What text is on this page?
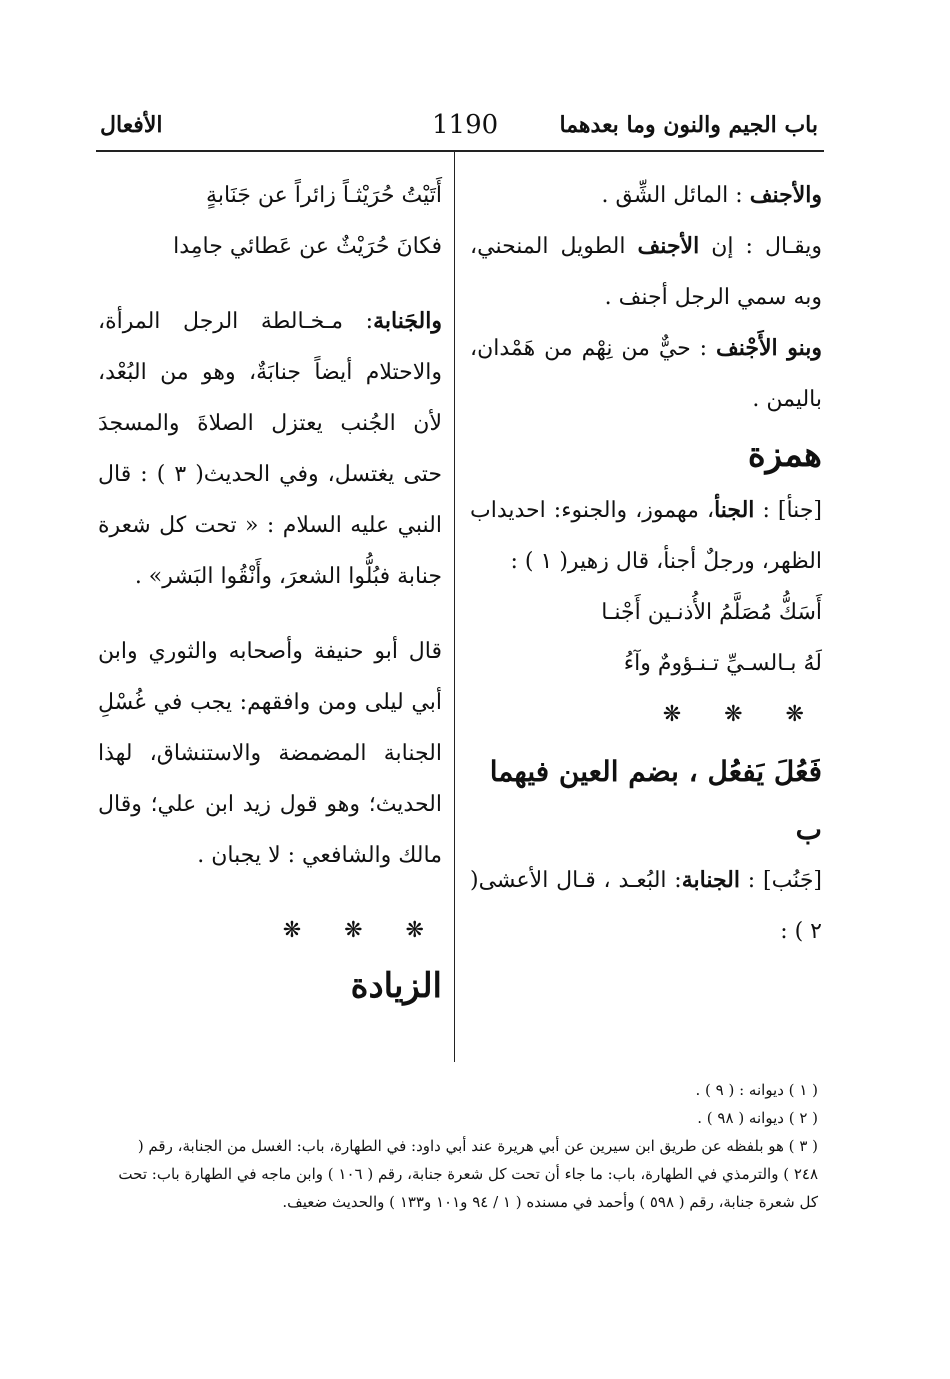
باب الجيم والنون وما بعدهما
1190
الأفعال

والأجنف : المائل الشِّق .

ويقـال : إن الأجنف الطويل المنحني، وبه سمي الرجل أجنف .

وبنو الأَجْنف : حيٌّ من نِهْم من هَمْدان، باليمن .

همزة

[جنأ] : الجنأ، مهموز، والجنوء: احديداب الظهر، ورجلٌ أجنأ، قال زهير( ١ ) :

أَسَكُّ مُصَلَّمُ الأُذنـين أَجْنـا

لَهُ بـالسـيِّ تـنـؤومٌ وآءُ

❋ ❋ ❋

فَعُلَ يَفعُل ، بضم العين فيهما

ب

[جَنُب] : الجنابة: البُعـد ، قـال الأعشى( ٢ ) :

أَتَيْتُ حُرَيْثـاً زائراً عن جَنَابةٍ

فكانَ حُرَيْثٌ عن عَطائي جامِدا

والجَنابة: مـخـالطة الرجل المرأة، والاحتلام أيضاً جنابَةٌ، وهو من البُعْد، لأن الجُنب يعتزل الصلاةَ والمسجدَ حتى يغتسل، وفي الحديث( ٣ ) : قال النبي عليه السلام : « تحت كل شعرة جنابة فبُلُّوا الشعرَ، وأَنْقُوا البَشر» .

قال أبو حنيفة وأصحابه والثوري وابن أبي ليلى ومن وافقهم: يجب في غُسْلِ الجنابة المضمضة والاستنشاق، لهذا الحديث؛ وهو قول زيد ابن علي؛ وقال مالك والشافعي : لا يجبان .

❋ ❋ ❋

الزيادة

( ١ ) ديوانه : ( ٩ ) .

( ٢ ) ديوانه ( ٩٨ ) .

( ٣ ) هو بلفظه عن طريق ابن سيرين عن أبي هريرة عند أبي داود: في الطهارة، باب: الغسل من الجنابة، رقم ( ٢٤٨ ) والترمذي في الطهارة، باب: ما جاء أن تحت كل شعرة جنابة، رقم ( ١٠٦ ) وابن ماجه في الطهارة باب: تحت كل شعرة جنابة، رقم ( ٥٩٨ ) وأحمد في مسنده ( ١ / ٩٤ و١٠١ و١٣٣ ) والحديث ضعيف.
